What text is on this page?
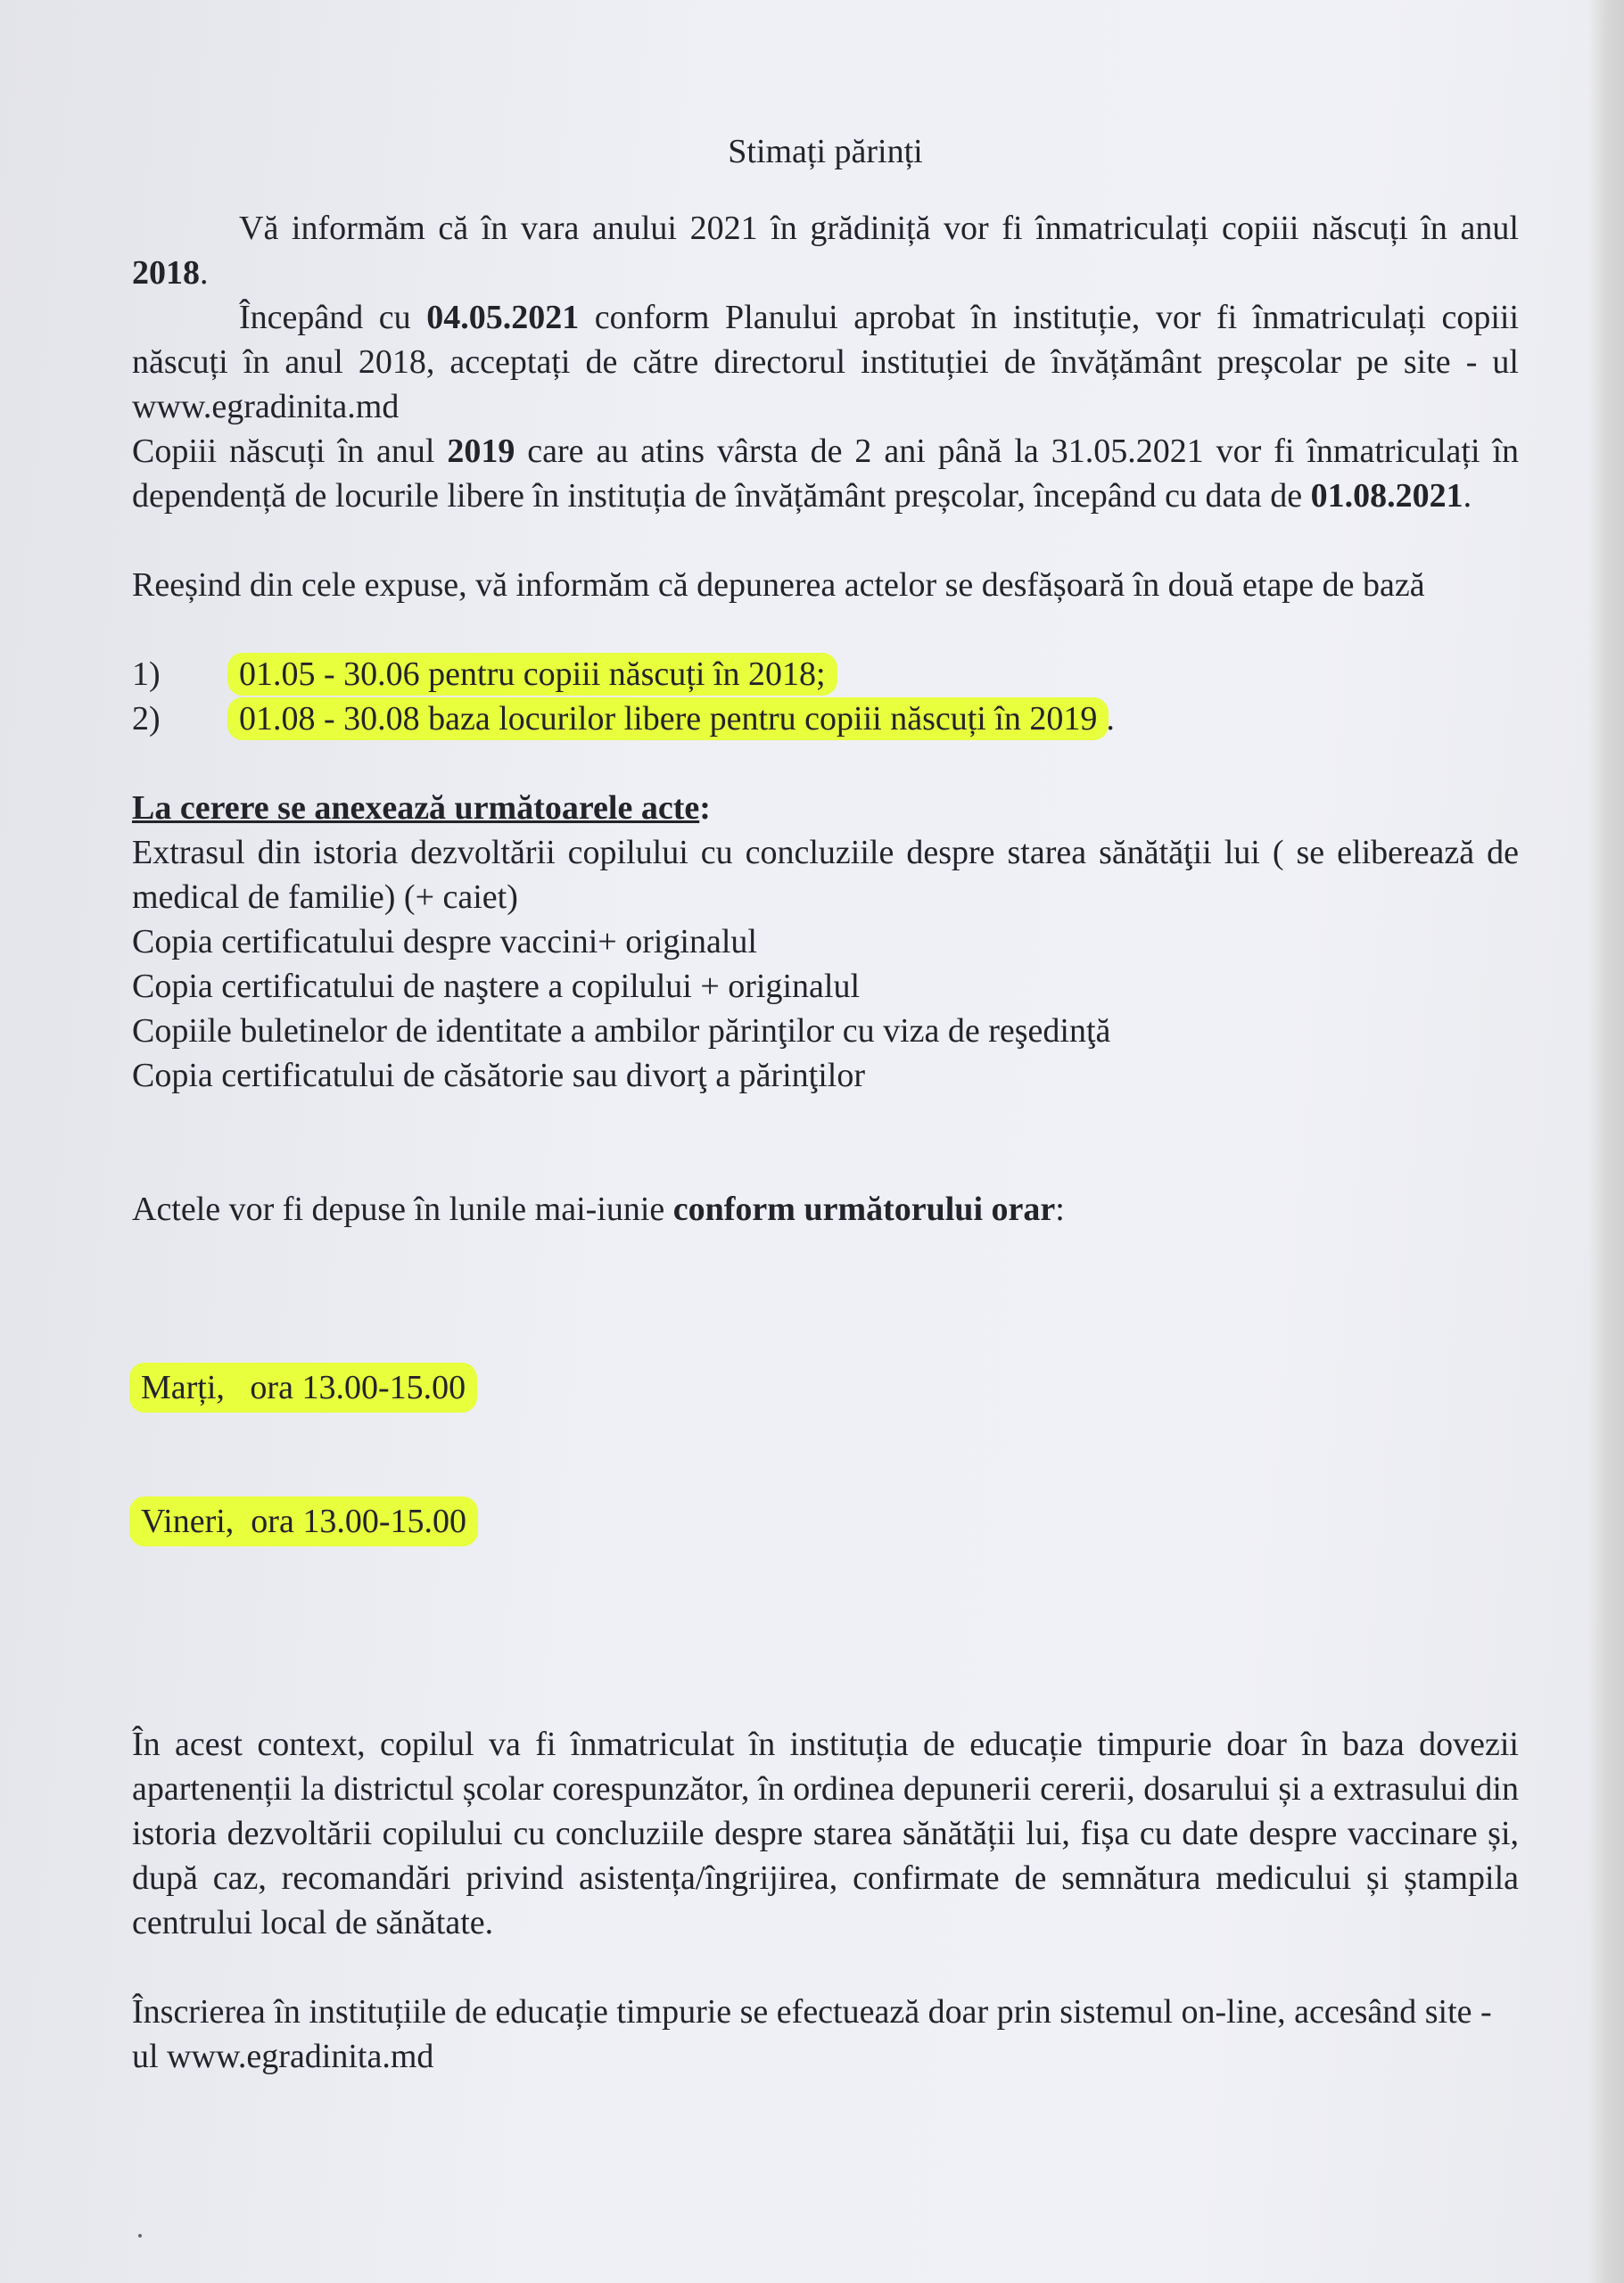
Stimați părinți

Vă informăm că în vara anului 2021 în grădiniță vor fi înmatriculați copiii născuți în anul 2018.

Începând cu 04.05.2021 conform Planului aprobat în instituție, vor fi înmatriculați copiii născuți în anul 2018, acceptați de către directorul instituției de învățământ preșcolar pe site - ul www.egradinita.md

Copiii născuți în anul 2019 care au atins vârsta de 2 ani până la 31.05.2021 vor fi înmatriculați în dependență de locurile libere în instituția de învățământ preșcolar, începând cu data de 01.08.2021.

Reeșind din cele expuse, vă informăm că depunerea actelor se desfășoară în două etape de bază

1)	01.05 - 30.06 pentru copiii născuți în 2018;
2)	01.08 - 30.08 baza locurilor libere pentru copiii născuți în 2019 .
La cerere se anexează următoarele acte:

Extrasul din istoria dezvoltării copilului cu concluziile despre starea sănătăţii lui ( se eliberează de medical de familie) (+ caiet)

Copia certificatului despre vaccini+ originalul
Copia certificatului de naştere a copilului + originalul
Copiile buletinelor de identitate a ambilor părinţilor cu viza de reşedinţă
Copia certificatului de căsătorie sau divorţ a părinţilor
Actele vor fi depuse în lunile mai-iunie conform următorului orar:

Marți,   ora 13.00-15.00

Vineri,  ora 13.00-15.00

În acest context, copilul va fi înmatriculat în instituția de educație timpurie doar în baza dovezii apartenenții la districtul școlar corespunzător, în ordinea depunerii cererii, dosarului și a extrasului din istoria dezvoltării copilului cu concluziile despre starea sănătății lui, fișa cu date despre vaccinare și, după caz, recomandări privind asistența/îngrijirea, confirmate de semnătura medicului și ștampila centrului local de sănătate.

Înscrierea în instituțiile de educație timpurie se efectuează doar prin sistemul on-line, accesând site - ul www.egradinita.md
